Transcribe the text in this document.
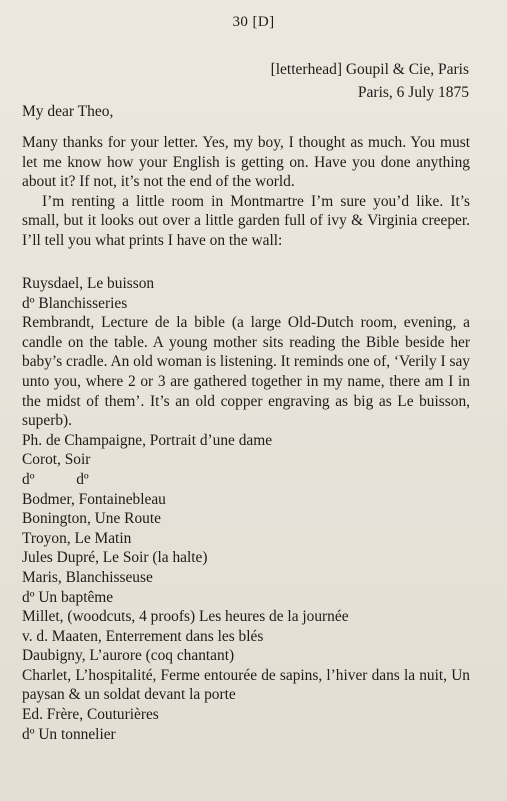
30 [D]
[letterhead] Goupil & Cie, Paris
Paris, 6 July 1875
My dear Theo,

Many thanks for your letter. Yes, my boy, I thought as much. You must let me know how your English is getting on. Have you done anything about it? If not, it’s not the end of the world.

I’m renting a little room in Montmartre I’m sure you’d like. It’s small, but it looks out over a little garden full of ivy & Virginia creeper. I’ll tell you what prints I have on the wall:

Ruysdael, Le buisson

dº Blanchisseries

Rembrandt, Lecture de la bible (a large Old-Dutch room, evening, a candle on the table. A young mother sits reading the Bible beside her baby’s cradle. An old woman is listening. It reminds one of, ‘Verily I say unto you, where 2 or 3 are gathered together in my name, there am I in the midst of them’. It’s an old copper engraving as big as Le buisson, superb).

Ph. de Champaigne, Portrait d’une dame

Corot, Soir

dº	dº

Bodmer, Fontainebleau

Bonington, Une Route

Troyon, Le Matin

Jules Dupré, Le Soir (la halte)

Maris, Blanchisseuse

dº Un baptême

Millet, (woodcuts, 4 proofs) Les heures de la journée

v. d. Maaten, Enterrement dans les blés

Daubigny, L’aurore (coq chantant)

Charlet, L’hospitalité, Ferme entourée de sapins, l’hiver dans la nuit, Un paysan & un soldat devant la porte

Ed. Frère, Couturières

dº Un tonnelier
